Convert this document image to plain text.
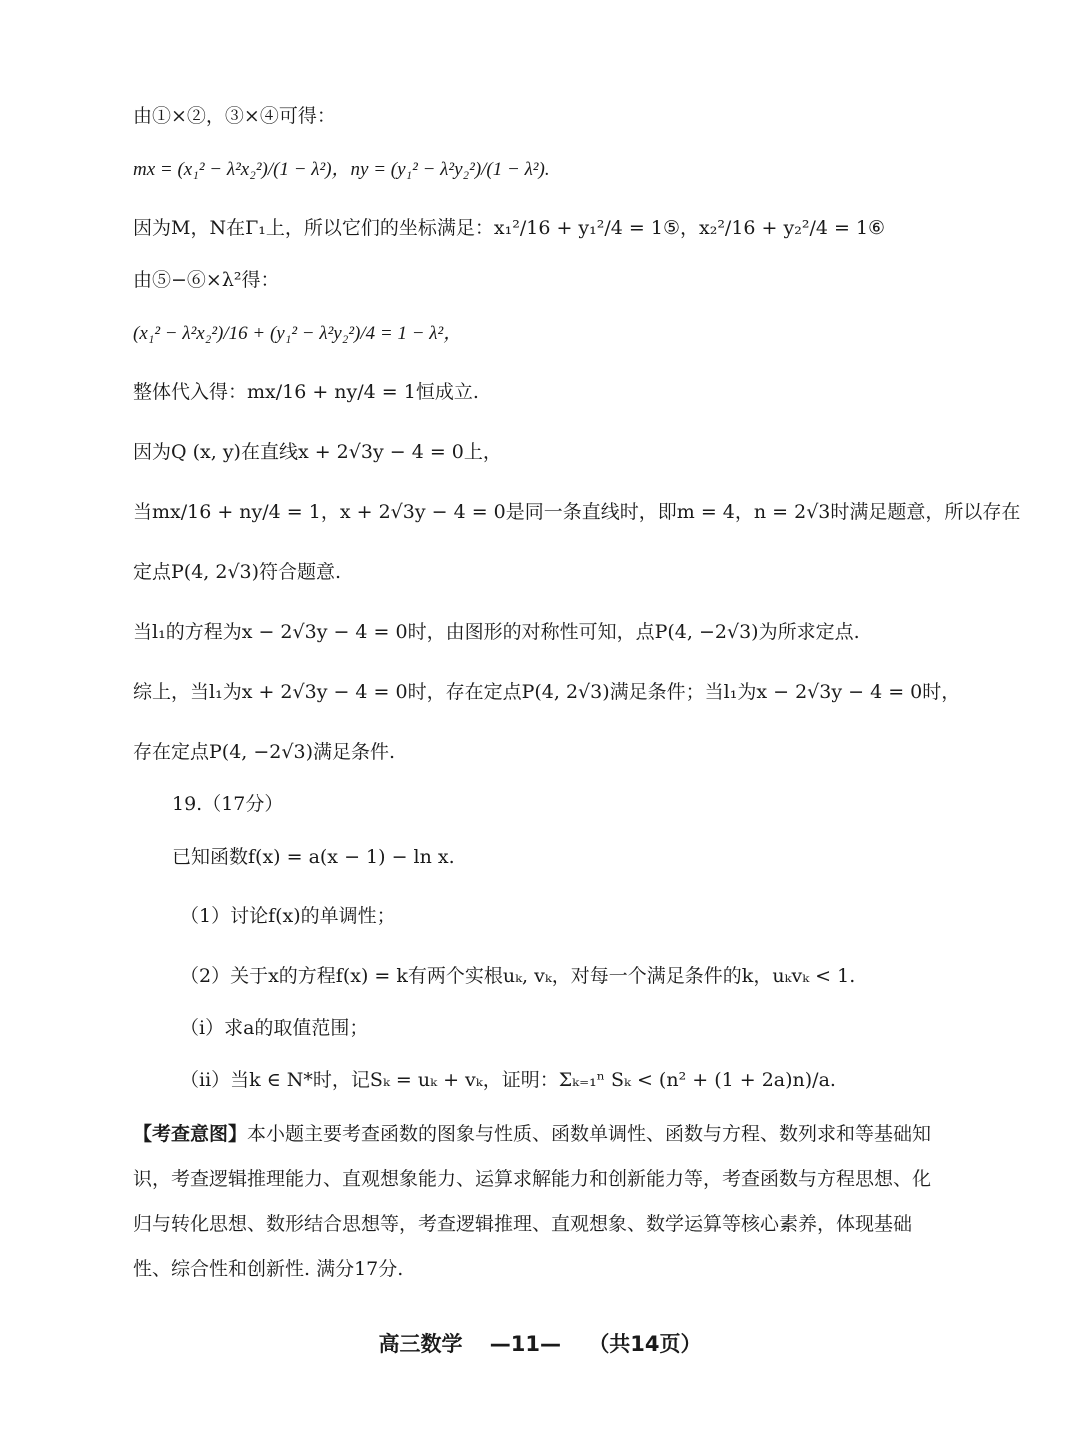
由①×②，③×④可得：
mx = (x₁² − λ²x₂²)/(1 − λ²)，ny = (y₁² − λ²y₂²)/(1 − λ²).
因为M，N在Γ₁上，所以它们的坐标满足：x₁²/16 + y₁²/4 = 1⑤，x₂²/16 + y₂²/4 = 1⑥
由⑤−⑥×λ²得：
(x₁² − λ²x₂²)/16 + (y₁² − λ²y₂²)/4 = 1 − λ²，
整体代入得：mx/16 + ny/4 = 1恒成立.
因为Q (x, y)在直线x + 2√3y − 4 = 0上，
当mx/16 + ny/4 = 1，x + 2√3y − 4 = 0是同一条直线时，即m = 4，n = 2√3时满足题意，所以存在
定点P(4, 2√3)符合题意.
当l₁的方程为x − 2√3y − 4 = 0时，由图形的对称性可知，点P(4, −2√3)为所求定点.
综上，当l₁为x + 2√3y − 4 = 0时，存在定点P(4, 2√3)满足条件；当l₁为x − 2√3y − 4 = 0时，
存在定点P(4, −2√3)满足条件.
19.（17分）
已知函数f(x) = a(x − 1) − ln x.
（1）讨论f(x)的单调性；
（2）关于x的方程f(x) = k有两个实根uₖ, vₖ，对每一个满足条件的k，uₖvₖ < 1.
（i）求a的取值范围；
（ii）当k ∈ N*时，记Sₖ = uₖ + vₖ，证明：Σₖ₌₁ⁿ Sₖ < (n² + (1 + 2a)n)/a.
【考查意图】本小题主要考查函数的图象与性质、函数单调性、函数与方程、数列求和等基础知识，考查逻辑推理能力、直观想象能力、运算求解能力和创新能力等，考查函数与方程思想、化归与转化思想、数形结合思想等，考查逻辑推理、直观想象、数学运算等核心素养，体现基础性、综合性和创新性. 满分17分.
高三数学 —11— （共14页）
